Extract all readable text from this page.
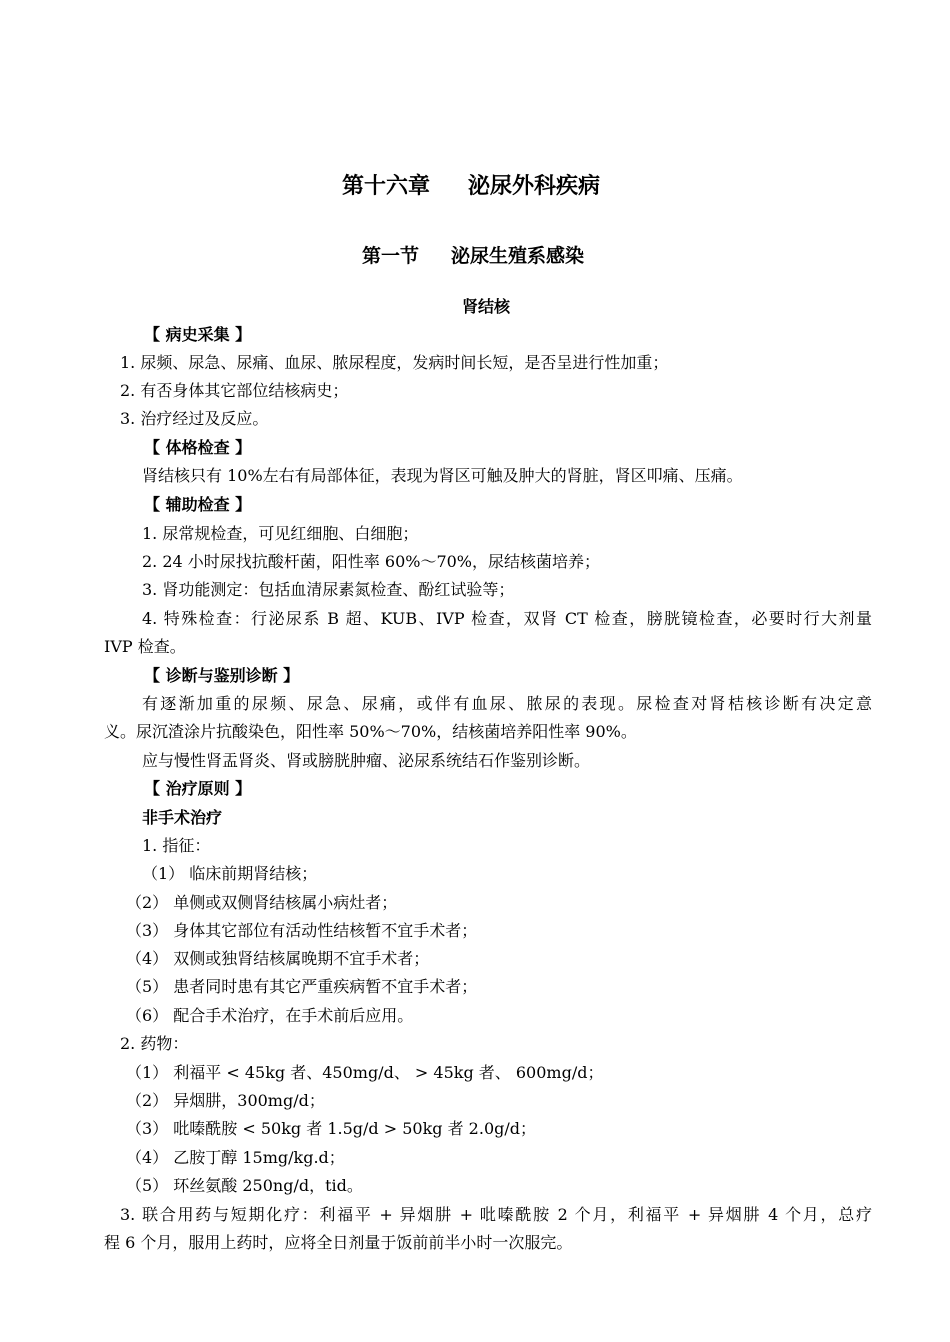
第十六章 泌尿外科疾病
第一节 泌尿生殖系感染
肾结核
【 病史采集 】
1. 尿频、尿急、尿痛、血尿、脓尿程度，发病时间长短，是否呈进行性加重；
2. 有否身体其它部位结核病史；
3. 治疗经过及反应。
【 体格检查 】
肾结核只有 10%左右有局部体征，表现为肾区可触及肿大的肾脏，肾区叩痛、压痛。
【 辅助检查 】
1. 尿常规检查，可见红细胞、白细胞；
2. 24 小时尿找抗酸杆菌，阳性率 60%～70%，尿结核菌培养；
3. 肾功能测定：包括血清尿素氮检查、酚红试验等；
4. 特殊检查：行泌尿系 B 超、KUB、IVP 检查，双肾 CT 检查，膀胱镜检查，必要时行大剂量
IVP 检查。
【 诊断与鉴别诊断 】
有逐渐加重的尿频、尿急、尿痛，或伴有血尿、脓尿的表现。尿检查对肾桔核诊断有决定意
义。尿沉渣涂片抗酸染色，阳性率 50%～70%，结核菌培养阳性率 90%。
应与慢性肾盂肾炎、肾或膀胱肿瘤、泌尿系统结石作鉴别诊断。
【 治疗原则 】
非手术治疗
1. 指征：
（1） 临床前期肾结核；
（2） 单侧或双侧肾结核属小病灶者；
（3） 身体其它部位有活动性结核暂不宜手术者；
（4） 双侧或独肾结核属晚期不宜手术者；
（5） 患者同时患有其它严重疾病暂不宜手术者；
（6） 配合手术治疗，在手术前后应用。
2. 药物：
（1） 利福平 < 45kg 者、450mg/d、 > 45kg 者、 600mg/d；
（2） 异烟肼，300mg/d；
（3） 吡嗪酰胺 < 50kg 者 1.5g/d > 50kg 者 2.0g/d；
（4） 乙胺丁醇 15mg/kg.d；
（5） 环丝氨酸 250ng/d，tid。
3. 联合用药与短期化疗：利福平 + 异烟肼 + 吡嗪酰胺 2 个月，利福平 + 异烟肼 4 个月，总疗
程 6 个月，服用上药时，应将全日剂量于饭前前半小时一次服完。
